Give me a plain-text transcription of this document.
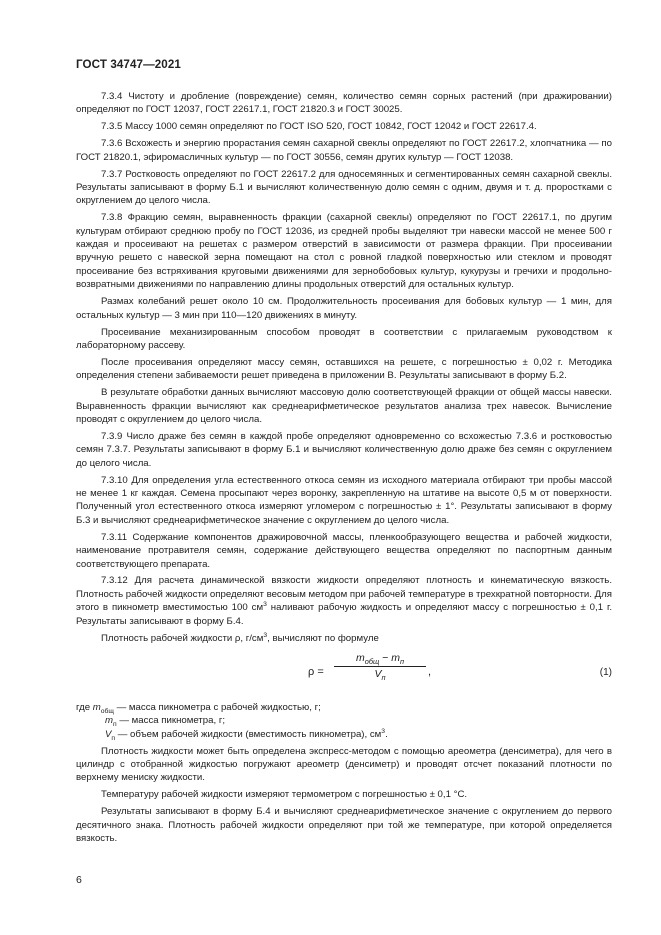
ГОСТ 34747—2021

7.3.4 Чистоту и дробление (повреждение) семян, количество семян сорных растений (при дражировании) определяют по ГОСТ 12037, ГОСТ 22617.1, ГОСТ 21820.3 и ГОСТ 30025.

7.3.5 Массу 1000 семян определяют по ГОСТ ISO 520, ГОСТ 10842, ГОСТ 12042 и ГОСТ 22617.4.

7.3.6 Всхожесть и энергию прорастания семян сахарной свеклы определяют по ГОСТ 22617.2, хлопчатника — по ГОСТ 21820.1, эфиромасличных культур — по ГОСТ 30556, семян других культур — ГОСТ 12038.

7.3.7 Ростковость определяют по ГОСТ 22617.2 для односемянных и сегментированных семян сахарной свеклы. Результаты записывают в форму Б.1 и вычисляют количественную долю семян с одним, двумя и т. д. проростками с округлением до целого числа.

7.3.8 Фракцию семян, выравненность фракции (сахарной свеклы) определяют по ГОСТ 22617.1, по другим культурам отбирают среднюю пробу по ГОСТ 12036, из средней пробы выделяют три навески массой не менее 500 г каждая и просеивают на решетах с размером отверстий в зависимости от размера фракции. При просеивании вручную решето с навеской зерна помещают на стол с ровной гладкой поверхностью или стеклом и проводят просеивание без встряхивания круговыми движениями для зернобобовых культур, кукурузы и гречихи и продольно-возвратными движениями по направлению длины продольных отверстий для остальных культур.

Размах колебаний решет около 10 см. Продолжительность просеивания для бобовых культур — 1 мин, для остальных культур — 3 мин при 110—120 движениях в минуту.

Просеивание механизированным способом проводят в соответствии с прилагаемым руководством к лабораторному рассеву.

После просеивания определяют массу семян, оставшихся на решете, с погрешностью ± 0,02 г. Методика определения степени забиваемости решет приведена в приложении В. Результаты записывают в форму Б.2.

В результате обработки данных вычисляют массовую долю соответствующей фракции от общей массы навески. Выравненность фракции вычисляют как среднеарифметическое результатов анализа трех навесок. Вычисление проводят с округлением до целого числа.

7.3.9 Число драже без семян в каждой пробе определяют одновременно со всхожестью 7.3.6 и ростковостью семян 7.3.7. Результаты записывают в форму Б.1 и вычисляют количественную долю драже без семян с округлением до целого числа.

7.3.10 Для определения угла естественного откоса семян из исходного материала отбирают три пробы массой не менее 1 кг каждая. Семена просыпают через воронку, закрепленную на штативе на высоте 0,5 м от поверхности. Полученный угол естественного откоса измеряют угломером с погрешностью ± 1°. Результаты записывают в форму Б.3 и вычисляют среднеарифметическое значение с округлением до целого числа.

7.3.11 Содержание компонентов дражировочной массы, пленкообразующего вещества и рабочей жидкости, наименование протравителя семян, содержание действующего вещества определяют по паспортным данным соответствующего препарата.

7.3.12 Для расчета динамической вязкости жидкости определяют плотность и кинематическую вязкость. Плотность рабочей жидкости определяют весовым методом при рабочей температуре в трехкратной повторности. Для этого в пикнометр вместимостью 100 $см^3$ наливают рабочую жидкость и определяют массу с погрешностью ± 0,1 г. Результаты записывают в форму Б.4.

Плотность рабочей жидкости ρ, $г/см^3$, вычисляют по формуле

ρ =
$m_{общ} - m_п$
$V_п$	,	(1)
где $m_{общ}$ — масса пикнометра с рабочей жидкостью, г;
$m_п$ — масса пикнометра, г;
$V_п$ — объем рабочей жидкости (вместимость пикнометра), $см^3$.

Плотность жидкости может быть определена экспресс-методом с помощью ареометра (денсиметра), для чего в цилиндр с отобранной жидкостью погружают ареометр (денсиметр) и проводят отсчет показаний плотности по верхнему мениску жидкости.

Температуру рабочей жидкости измеряют термометром с погрешностью ± 0,1 °С.

Результаты записывают в форму Б.4 и вычисляют среднеарифметическое значение с округлением до первого десятичного знака. Плотность рабочей жидкости определяют при той же температуре, при которой определяется вязкость.

6
